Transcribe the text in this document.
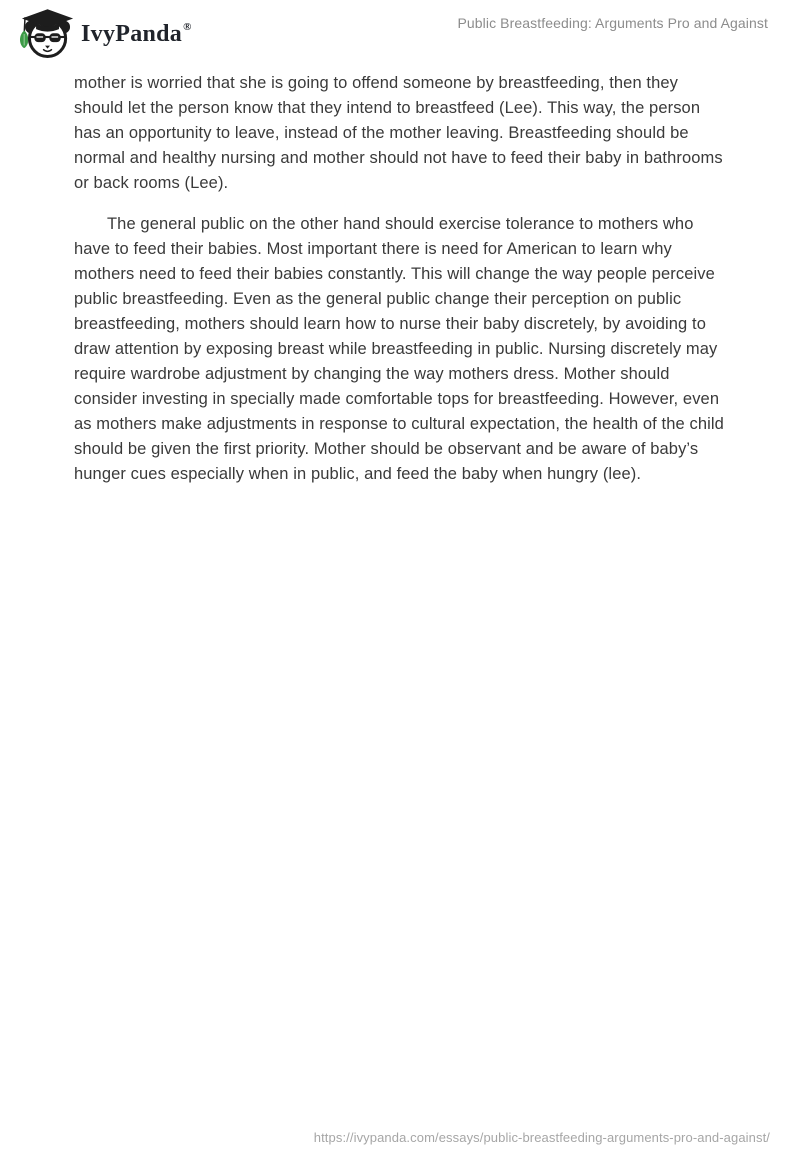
IvyPanda®	Public Breastfeeding: Arguments Pro and Against

mother is worried that she is going to offend someone by breastfeeding, then they should let the person know that they intend to breastfeed (Lee). This way, the person has an opportunity to leave, instead of the mother leaving. Breastfeeding should be normal and healthy nursing and mother should not have to feed their baby in bathrooms or back rooms (Lee).

The general public on the other hand should exercise tolerance to mothers who have to feed their babies. Most important there is need for American to learn why mothers need to feed their babies constantly. This will change the way people perceive public breastfeeding. Even as the general public change their perception on public breastfeeding, mothers should learn how to nurse their baby discretely, by avoiding to draw attention by exposing breast while breastfeeding in public. Nursing discretely may require wardrobe adjustment by changing the way mothers dress. Mother should consider investing in specially made comfortable tops for breastfeeding. However, even as mothers make adjustments in response to cultural expectation, the health of the child should be given the first priority. Mother should be observant and be aware of baby’s hunger cues especially when in public, and feed the baby when hungry (lee).

https://ivypanda.com/essays/public-breastfeeding-arguments-pro-and-against/
